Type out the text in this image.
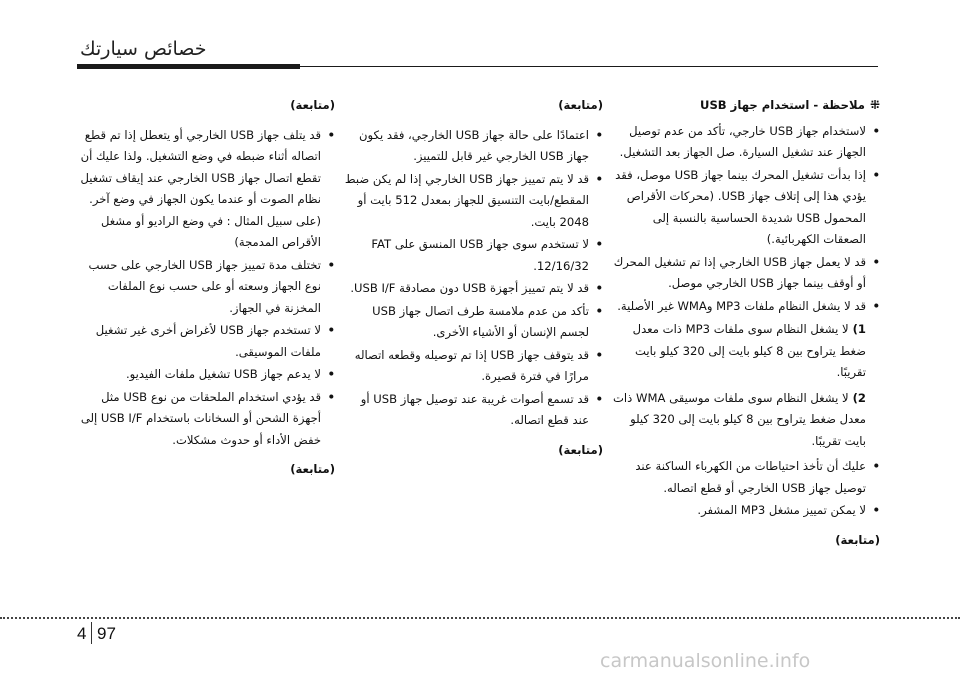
خصائص سيارتك
⁜ملاحظة - استخدام جهاز USB
• لاستخدام جهاز USB خارجي، تأكد من عدم توصيل الجهاز عند تشغيل السيارة. صل الجهاز بعد التشغيل.
• إذا بدأت تشغيل المحرك بينما جهاز USB موصل، فقد يؤدي هذا إلى إتلاف جهاز USB. (محركات الأقراص المحمول USB شديدة الحساسية بالنسبة إلى الصعقات الكهربائية.)
• قد لا يعمل جهاز USB الخارجي إذا تم تشغيل المحرك أو أوقف بينما جهاز USB الخارجي موصل.
• قد لا يشغل النظام ملفات MP3 وWMA غير الأصلية.
1)لا يشغل النظام سوى ملفات MP3 ذات معدل ضغط يتراوح بين 8 كيلو بايت إلى 320 كيلو بايت تقريبًا.
2)لا يشغل النظام سوى ملفات موسيقى WMA ذات معدل ضغط يتراوح بين 8 كيلو بايت إلى 320 كيلو بايت تقريبًا.
• عليك أن تأخذ احتياطات من الكهرباء الساكنة عند توصيل جهاز USB الخارجي أو قطع اتصاله.
• لا يمكن تمييز مشغل MP3 المشفر.
(متابعة)
(متابعة)
• اعتمادًا على حالة جهاز USB الخارجي، فقد يكون جهاز USB الخارجي غير قابل للتمييز.
• قد لا يتم تمييز جهاز USB الخارجي إذا لم يكن ضبط المقطع/بايت التنسيق للجهاز بمعدل 512 بايت أو 2048 بايت.
• لا تستخدم سوى جهاز USB المنسق على FAT 12/16/32.
• قد لا يتم تمييز أجهزة USB دون مصادقة USB I/F.
• تأكد من عدم ملامسة طرف اتصال جهاز USB لجسم الإنسان أو الأشياء الأخرى.
• قد يتوقف جهاز USB إذا تم توصيله وقطعه اتصاله مرارًا في فترة قصيرة.
• قد تسمع أصوات غريبة عند توصيل جهاز USB أو عند قطع اتصاله.
(متابعة)
(متابعة)
• قد يتلف جهاز USB الخارجي أو يتعطل إذا تم قطع اتصاله أثناء ضبطه في وضع التشغيل. ولذا عليك أن تقطع اتصال جهاز USB الخارجي عند إيقاف تشغيل نظام الصوت أو عندما يكون الجهاز في وضع آخر. (على سبيل المثال : في وضع الراديو أو مشغل الأقراص المدمجة)
• تختلف مدة تمييز جهاز USB الخارجي على حسب نوع الجهاز وسعته أو على حسب نوع الملفات المخزنة في الجهاز.
• لا تستخدم جهاز USB لأغراض أخرى غير تشغيل ملفات الموسيقى.
• لا يدعم جهاز USB تشغيل ملفات الفيديو.
• قد يؤدي استخدام الملحقات من نوع USB مثل أجهزة الشحن أو السخانات باستخدام USB I/F إلى خفض الأداء أو حدوث مشكلات.
(متابعة)
4 97
carmanualsonline.info
